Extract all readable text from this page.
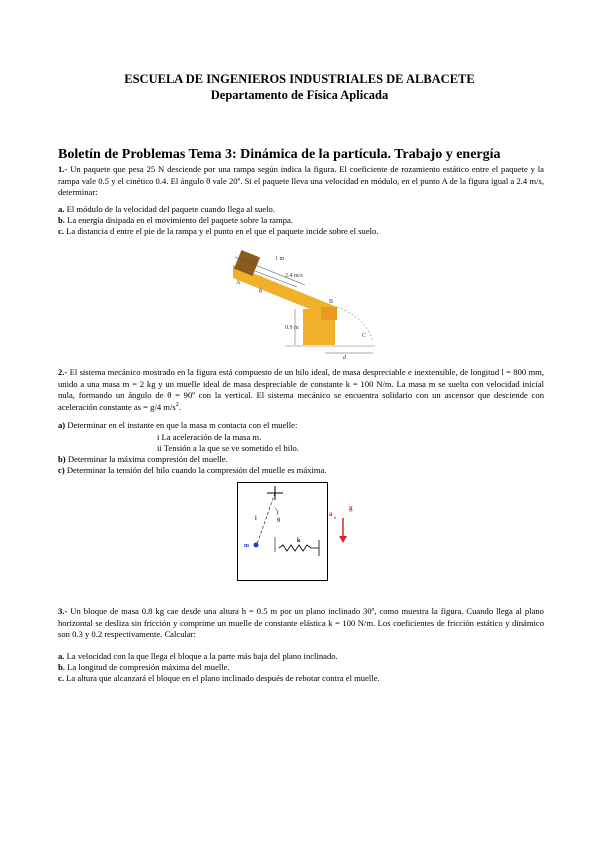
ESCUELA DE INGENIEROS INDUSTRIALES DE ALBACETE
Departamento de Física Aplicada
Boletín de Problemas Tema 3: Dinámica de la partícula. Trabajo y energía
1.- Un paquete que pesa 25 N desciende por una rampa según indica la figura. El coeficiente de rozamiento estático entre el paquete y la rampa vale 0.5 y el cinético 0.4. El ángulo θ vale 20º. Si el paquete lleva una velocidad en módulo, en el punto A de la figura igual a 2.4 m/s, determinar:
a. El módulo de la velocidad del paquete cuando llega al suelo.
b. La energía disipada en el movimiento del paquete sobre la rampa.
c. La distancia d entre el pie de la rampa y el punto en el que el paquete incide sobre el suelo.
1 m
2.4 m/s
A
B
C
0.9 m
d
θ
2.- El sistema mecánico mostrado en la figura está compuesto de un hilo ideal, de masa despreciable e inextensible, de longitud l = 800 mm, unido a una masa m = 2 kg y un muelle ideal de masa despreciable de constante k = 100 N/m. La masa m se suelta con velocidad inicial nula, formando un ángulo de θ = 90º con la vertical. El sistema mecánico se encuentra solidario con un ascensor que desciende con aceleración constante as = g/4 $m/s^2$.
a) Determinar en el instante en que la masa m contacta con el muelle:
i La aceleración de la masa m.
ii Tensión a la que se ve sometido el hilo.
b) Determinar la máxima compresión del muelle.
c) Determinar la tensión del hilo cuando la compresión del muelle es máxima.
l	θ
m
k
a
s
g
3.- Un bloque de masa 0.8 kg cae desde una altura h = 0.5 m por un plano inclinado 30º, como muestra la figura. Cuando llega al plano horizontal se desliza sin fricción y comprime un muelle de constante elástica k = 100 N/m. Los coeficientes de fricción estático y dinámico son 0.3 y 0.2 respectivamente. Calcular:
a. La velocidad con la que llega el bloque a la parte más baja del plano inclinado.
b. La longitud de compresión máxima del muelle.
c. La altura que alcanzará el bloque en el plano inclinado después de rebotar contra el muelle.
